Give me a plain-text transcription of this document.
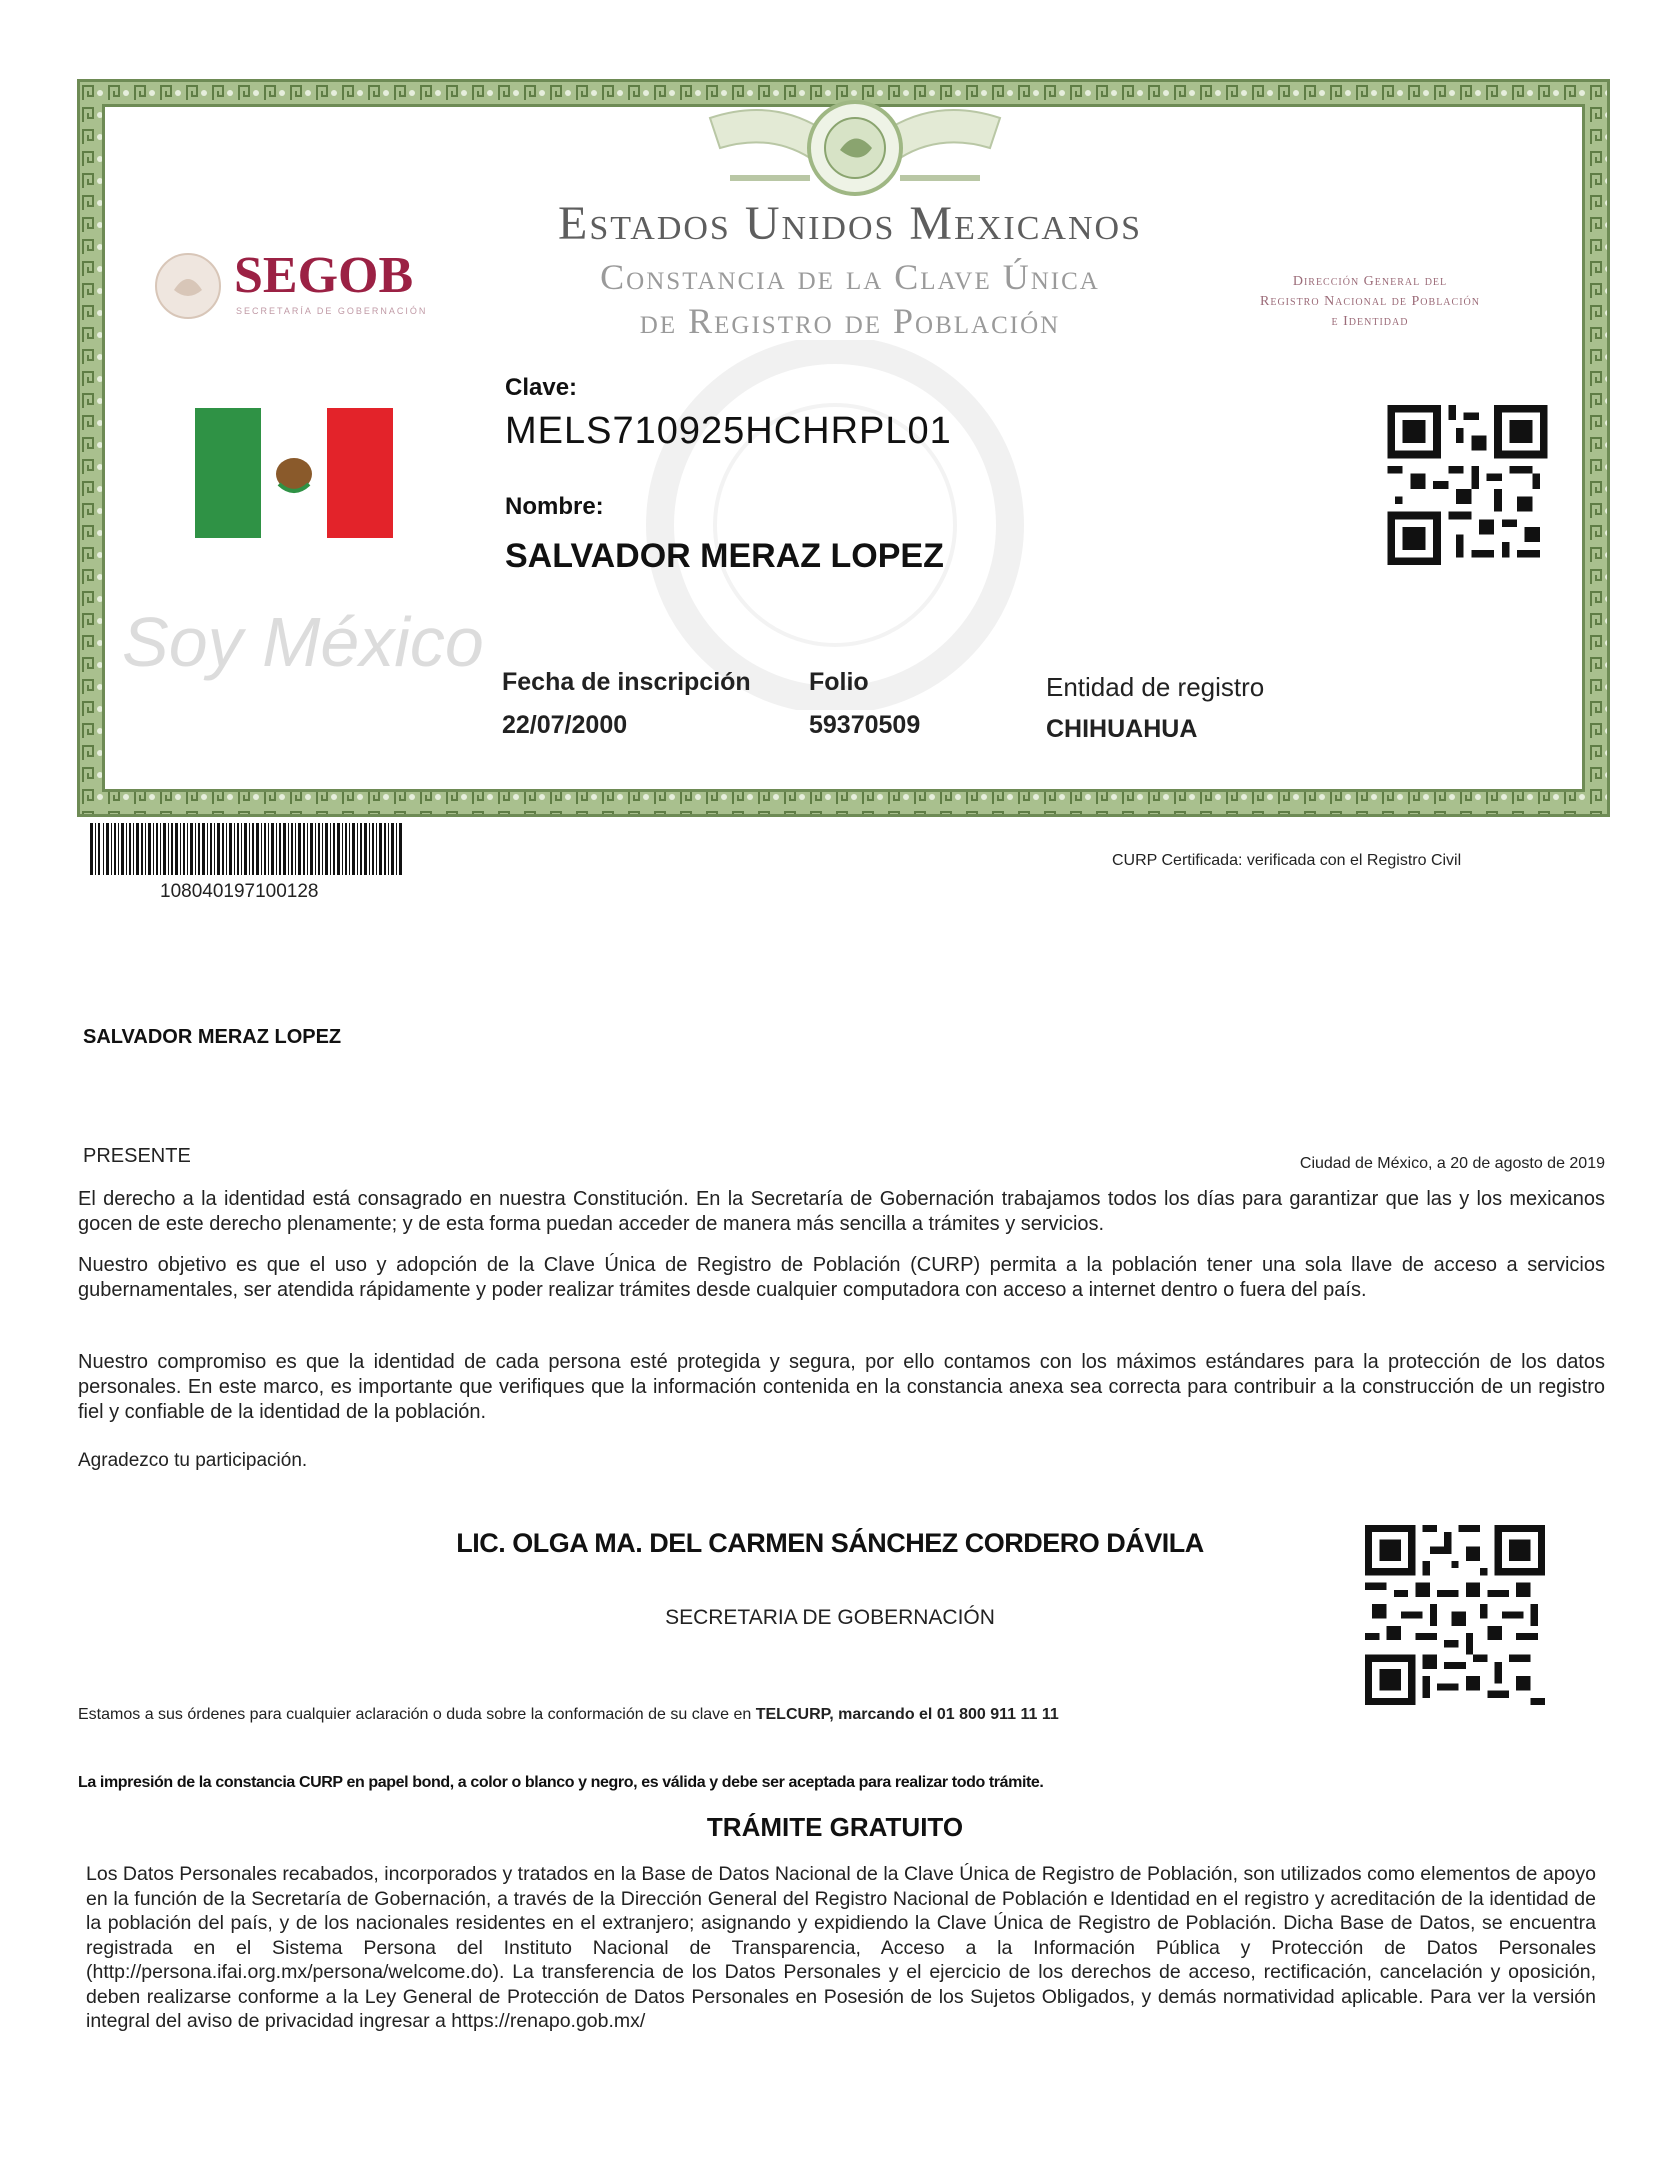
SEGOB
SECRETARÍA DE GOBERNACIÓN
Estados Unidos Mexicanos
Constancia de la Clave Única
de Registro de Población
Dirección General del
Registro Nacional de Población
e Identidad
Soy México
Clave:
MELS710925HCHRPL01
Nombre:
SALVADOR MERAZ LOPEZ
Fecha de inscripción
22/07/2000
Folio
59370509
Entidad de registro
CHIHUAHUA
108040197100128
CURP Certificada: verificada con el Registro Civil
SALVADOR MERAZ LOPEZ
PRESENTE	Ciudad de México, a 20 de agosto de 2019
El derecho a la identidad está consagrado en nuestra Constitución. En la Secretaría de Gobernación trabajamos todos los días para garantizar que las y los mexicanos gocen de este derecho plenamente; y de esta forma puedan acceder de manera más sencilla a trámites y servicios.
Nuestro objetivo es que el uso y adopción de la Clave Única de Registro de Población (CURP) permita a la población tener una sola llave de acceso a servicios gubernamentales, ser atendida rápidamente y poder realizar trámites desde cualquier computadora con acceso a internet dentro o fuera del país.
Nuestro compromiso es que la identidad de cada persona esté protegida y segura, por ello contamos con los máximos estándares para la protección de los datos personales. En este marco, es importante que verifiques que la información contenida en la constancia anexa sea correcta para contribuir a la construcción de un registro fiel y confiable de la identidad de la población.
Agradezco tu participación.
LIC. OLGA MA. DEL CARMEN SÁNCHEZ CORDERO DÁVILA
SECRETARIA DE GOBERNACIÓN
Estamos a sus órdenes para cualquier aclaración o duda sobre la conformación de su clave en TELCURP, marcando el 01 800 911 11 11
La impresión de la constancia CURP en papel bond, a color o blanco y negro, es válida y debe ser aceptada para realizar todo trámite.
TRÁMITE GRATUITO
Los Datos Personales recabados, incorporados y tratados en la Base de Datos Nacional de la Clave Única de Registro de Población, son utilizados como elementos de apoyo en la función de la Secretaría de Gobernación, a través de la Dirección General del Registro Nacional de Población e Identidad en el registro y acreditación de la identidad de la población del país, y de los nacionales residentes en el extranjero; asignando y expidiendo la Clave Única de Registro de Población. Dicha Base de Datos, se encuentra registrada en el Sistema Persona del Instituto Nacional de Transparencia, Acceso a la Información Pública y Protección de Datos Personales (http://persona.ifai.org.mx/persona/welcome.do). La transferencia de los Datos Personales y el ejercicio de los derechos de acceso, rectificación, cancelación y oposición, deben realizarse conforme a la Ley General de Protección de Datos Personales en Posesión de los Sujetos Obligados, y demás normatividad aplicable. Para ver la versión integral del aviso de privacidad ingresar a https://renapo.gob.mx/
